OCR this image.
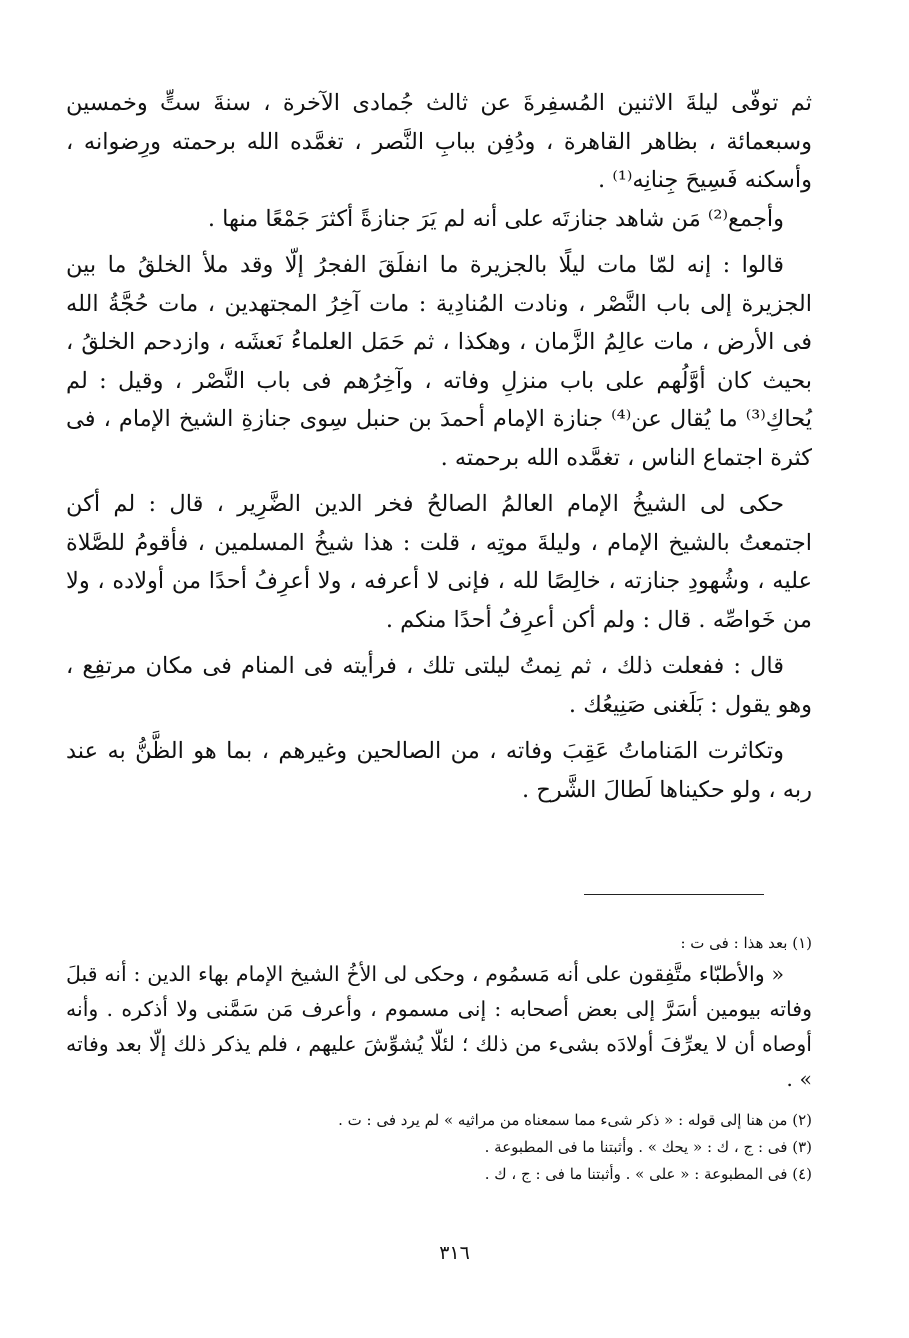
ثم توفّى ليلةَ الاثنين المُسفِرةَ عن ثالث جُمادى الآخرة ، سنةَ ستٍّ وخمسين وسبعمائة ، بظاهر القاهرة ، ودُفِن ببابِ النَّصر ، تغمَّده الله برحمته ورِضوانه ، وأسكنه فَسِيحَ جِنانِه⁽¹⁾ .

وأجمع⁽²⁾ مَن شاهد جنازتَه على أنه لم يَرَ جنازةً أكثرَ جَمْعًا منها .

قالوا : إنه لمّا مات ليلًا بالجزيرة ما انفلَقَ الفجرُ إلّا وقد ملأ الخلقُ ما بين الجزيرة إلى باب النَّصْر ، ونادت المُنادِية : مات آخِرُ المجتهدين ، مات حُجَّةُ الله فى الأرض ، مات عالِمُ الزَّمان ، وهكذا ، ثم حَمَل العلماءُ نَعشَه ، وازدحم الخلقُ ، بحيث كان أوَّلُهم على باب منزلِ وفاته ، وآخِرُهم فى باب النَّصْر ، وقيل : لم يُحاكِ⁽³⁾ ما يُقال عن⁽⁴⁾ جنازة الإمام أحمدَ بن حنبل سِوى جنازةِ الشيخ الإمام ، فى كثرة اجتماع الناس ، تغمَّده الله برحمته .

حكى لى الشيخُ الإمام العالمُ الصالحُ فخر الدين الضَّرِير ، قال : لم أكن اجتمعتُ بالشيخ الإمام ، وليلةَ موتِه ، قلت : هذا شيخُ المسلمين ، فأقومُ للصَّلاة عليه ، وشُهودِ جنازته ، خالِصًا لله ، فإنى لا أعرفه ، ولا أعرِفُ أحدًا من أولاده ، ولا من خَواصِّه . قال : ولم أكن أعرِفُ أحدًا منكم .

قال : ففعلت ذلك ، ثم نِمتُ ليلتى تلك ، فرأيته فى المنام فى مكان مرتفِع ، وهو يقول : بَلَغنى صَنِيعُك .

وتكاثرت المَناماتُ عَقِبَ وفاته ، من الصالحين وغيرهم ، بما هو الظَّنُّ به عند ربه ، ولو حكيناها لَطالَ الشَّرح .

(١) بعد هذا : فى ت :

« والأطبّاء متَّفِقون على أنه مَسمُوم ، وحكى لى الأخُ الشيخ الإمام بهاء الدين : أنه قبلَ وفاته بيومين أسَرَّ إلى بعض أصحابه : إنى مسموم ، وأعرف مَن سَمَّنى ولا أذكره . وأنه أوصاه أن لا يعرِّفَ أولادَه بشىء من ذلك ؛ لئلّا يُشوِّشَ عليهم ، فلم يذكر ذلك إلّا بعد وفاته » .

(٢) من هنا إلى قوله : « ذكر شىء مما سمعناه من مراثيه » لم يرد فى : ت .

(٣) فى : ج ، ك : « يحك » . وأثبتنا ما فى المطبوعة .

(٤) فى المطبوعة : « على » . وأثبتنا ما فى : ج ، ك .

٣١٦
